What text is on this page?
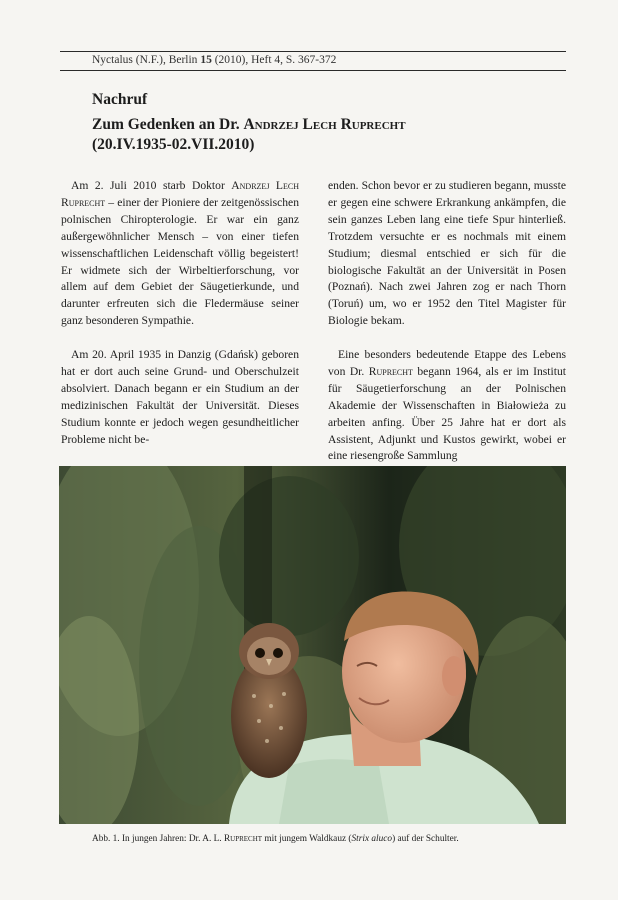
Nyctalus (N.F.), Berlin 15 (2010), Heft 4, S. 367-372
Nachruf
Zum Gedenken an Dr. Andrzej Lech Ruprecht
(20.IV.1935-02.VII.2010)

Am 2. Juli 2010 starb Doktor Andrzej Lech Ruprecht – einer der Pioniere der zeitgenössischen polnischen Chiropterologie. Er war ein ganz außergewöhnlicher Mensch – von einer tiefen wissenschaftlichen Leidenschaft völlig begeistert! Er widmete sich der Wirbeltierforschung, vor allem auf dem Gebiet der Säugetierkunde, und darunter erfreuten sich die Fledermäuse seiner ganz besonderen Sympathie.

Am 20. April 1935 in Danzig (Gdańsk) geboren hat er dort auch seine Grund- und Oberschulzeit absolviert. Danach begann er ein Studium an der medizinischen Fakultät der Universität. Dieses Studium konnte er jedoch wegen gesundheitlicher Probleme nicht be-

enden. Schon bevor er zu studieren begann, musste er gegen eine schwere Erkrankung ankämpfen, die sein ganzes Leben lang eine tiefe Spur hinterließ. Trotzdem versuchte er es nochmals mit einem Studium; diesmal entschied er sich für die biologische Fakultät an der Universität in Posen (Poznań). Nach zwei Jahren zog er nach Thorn (Toruń) um, wo er 1952 den Titel Magister für Biologie bekam.

Eine besonders bedeutende Etappe des Lebens von Dr. Ruprecht begann 1964, als er im Institut für Säugetierforschung an der Polnischen Akademie der Wissenschaften in Białowieża zu arbeiten anfing. Über 25 Jahre hat er dort als Assistent, Adjunkt und Kustos gewirkt, wobei er eine riesengroße Sammlung

Abb. 1. In jungen Jahren: Dr. A. L. Ruprecht mit jungem Waldkauz (Strix aluco) auf der Schulter.
